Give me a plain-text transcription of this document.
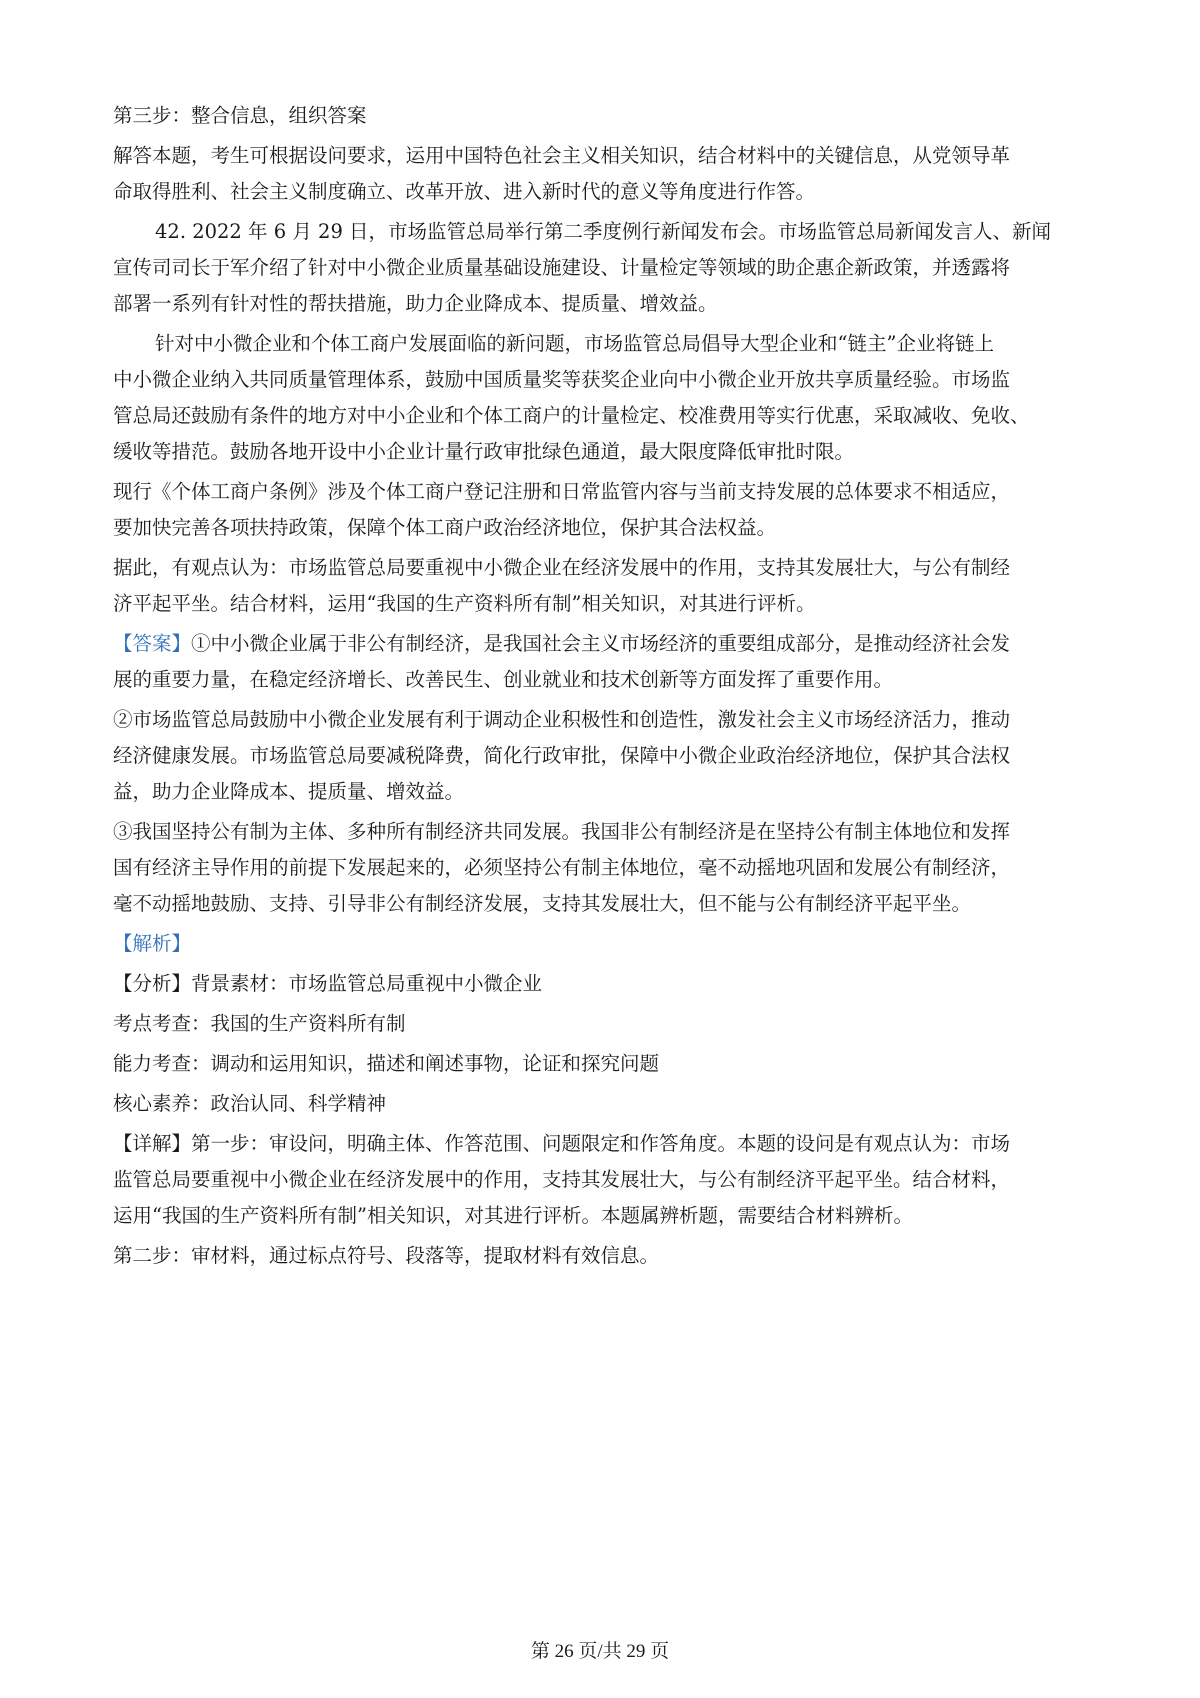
第三步：整合信息，组织答案
解答本题，考生可根据设问要求，运用中国特色社会主义相关知识，结合材料中的关键信息，从党领导革
命取得胜利、社会主义制度确立、改革开放、进入新时代的意义等角度进行作答。
42. 2022 年 6 月 29 日，市场监管总局举行第二季度例行新闻发布会。市场监管总局新闻发言人、新闻
宣传司司长于军介绍了针对中小微企业质量基础设施建设、计量检定等领域的助企惠企新政策，并透露将
部署一系列有针对性的帮扶措施，助力企业降成本、提质量、增效益。
针对中小微企业和个体工商户发展面临的新问题，市场监管总局倡导大型企业和“链主”企业将链上
中小微企业纳入共同质量管理体系，鼓励中国质量奖等获奖企业向中小微企业开放共享质量经验。市场监
管总局还鼓励有条件的地方对中小企业和个体工商户的计量检定、校准费用等实行优惠，采取减收、免收、
缓收等措范。鼓励各地开设中小企业计量行政审批绿色通道，最大限度降低审批时限。
现行《个体工商户条例》涉及个体工商户登记注册和日常监管内容与当前支持发展的总体要求不相适应，
要加快完善各项扶持政策，保障个体工商户政治经济地位，保护其合法权益。
据此，有观点认为：市场监管总局要重视中小微企业在经济发展中的作用，支持其发展壮大，与公有制经
济平起平坐。结合材料，运用“我国的生产资料所有制”相关知识，对其进行评析。
【答案】①中小微企业属于非公有制经济，是我国社会主义市场经济的重要组成部分，是推动经济社会发
展的重要力量，在稳定经济增长、改善民生、创业就业和技术创新等方面发挥了重要作用。
②市场监管总局鼓励中小微企业发展有利于调动企业积极性和创造性，激发社会主义市场经济活力，推动
经济健康发展。市场监管总局要减税降费，简化行政审批，保障中小微企业政治经济地位，保护其合法权
益，助力企业降成本、提质量、增效益。
③我国坚持公有制为主体、多种所有制经济共同发展。我国非公有制经济是在坚持公有制主体地位和发挥
国有经济主导作用的前提下发展起来的，必须坚持公有制主体地位，毫不动摇地巩固和发展公有制经济，
毫不动摇地鼓励、支持、引导非公有制经济发展，支持其发展壮大，但不能与公有制经济平起平坐。
【解析】
【分析】背景素材：市场监管总局重视中小微企业
考点考查：我国的生产资料所有制
能力考查：调动和运用知识，描述和阐述事物，论证和探究问题
核心素养：政治认同、科学精神
【详解】第一步：审设问，明确主体、作答范围、问题限定和作答角度。本题的设问是有观点认为：市场
监管总局要重视中小微企业在经济发展中的作用，支持其发展壮大，与公有制经济平起平坐。结合材料，
运用“我国的生产资料所有制”相关知识，对其进行评析。本题属辨析题，需要结合材料辨析。
第二步：审材料，通过标点符号、段落等，提取材料有效信息。
第 26 页/共 29 页
